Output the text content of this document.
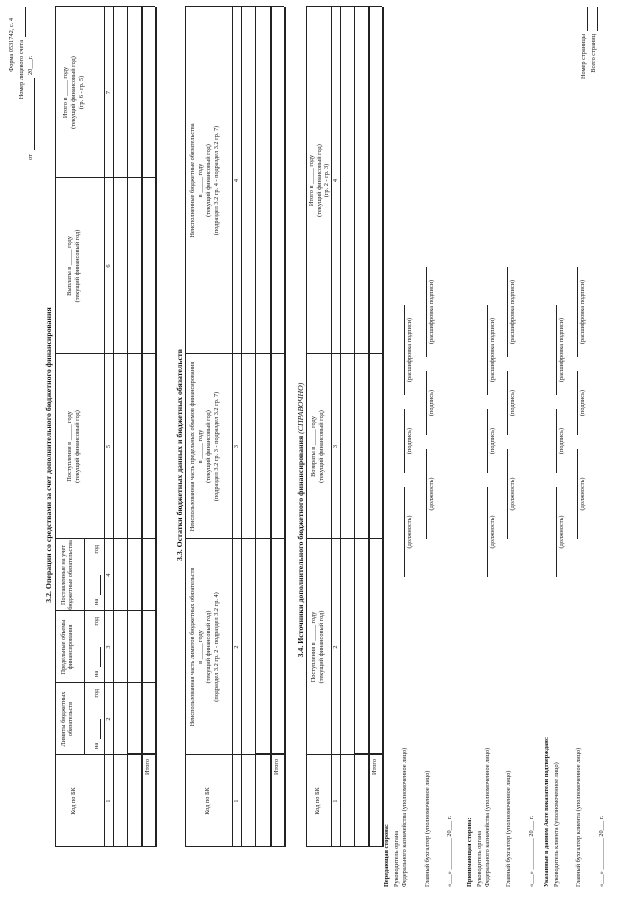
Форма 0531742, с. 4 Номер лицевого счета
от
20___г.
3.2. Операции со средствами за счет дополнительного бюджетного финансирования
Код по БК
Лимиты бюджетных обязательств
Предельные объемы финансирования
Поставленные на учет бюджетные обязательства
на
год
на
год
на
год
Поступления в _____ году (текущий финансовый год)
Выплаты в _____ году (текущий финансовый год)
Итого в _____ году (текущий финансовый год) (гр. 6 - гр. 5)
1
2
3
4
5
6
7
Итого
3.3. Остатки бюджетных данных и бюджетных обязательств
Код по БК
Неиспользованная часть лимитов бюджетных обязательств в _____ году (текущий финансовый год) (подраздел 3.2 гр. 2 - подраздел 3.2 гр. 4)
Неиспользованная часть предельных объемов финансирования в _____ году (текущий финансовый год) (подраздел 3.2 гр. 3 - подраздел 3.2 гр. 7)
Неисполненные бюджетные обязательства в _____ году (текущий финансовый год) (подраздел 3.2 гр. 4 - подраздел 3.2 гр. 7)
1
2
3
4
Итого
3.4. Источники дополнительного бюджетного финансирования (СПРАВОЧНО)
Код по БК
Поступления в _____ году (текущий финансовый год)
Возвраты в _____ году (текущий финансовый год)
Итого в _____ году (текущий финансовый год) (гр. 2 - гр. 3)
1
2
3
4
Итого
Передающая сторона: Руководитель органа Федерального казначейства (уполномоченное лицо)
(должность)
(подпись)
(расшифровка подписи)
Главный бухгалтер (уполномоченное лицо)
(должность)
(подпись)
(расшифровка подписи)
«___» __________ 20___ г. Принимающая сторона: Руководитель органа Федерального казначейства (уполномоченное лицо)
(должность)
(подпись)
(расшифровка подписи)
Главный бухгалтер (уполномоченное лицо)
(должность)
(подпись)
(расшифровка подписи)
«___» __________ 20___ г. Указанные в данном Акте показатели подтверждаю: Руководитель клиента (уполномоченное лицо)
(должность)
(подпись)
(расшифровка подписи)
Главный бухгалтер клиента (уполномоченное лицо)
(должность)
(подпись)
(расшифровка подписи)
«___» __________ 20___ г.
Номер страницы Всего страниц
